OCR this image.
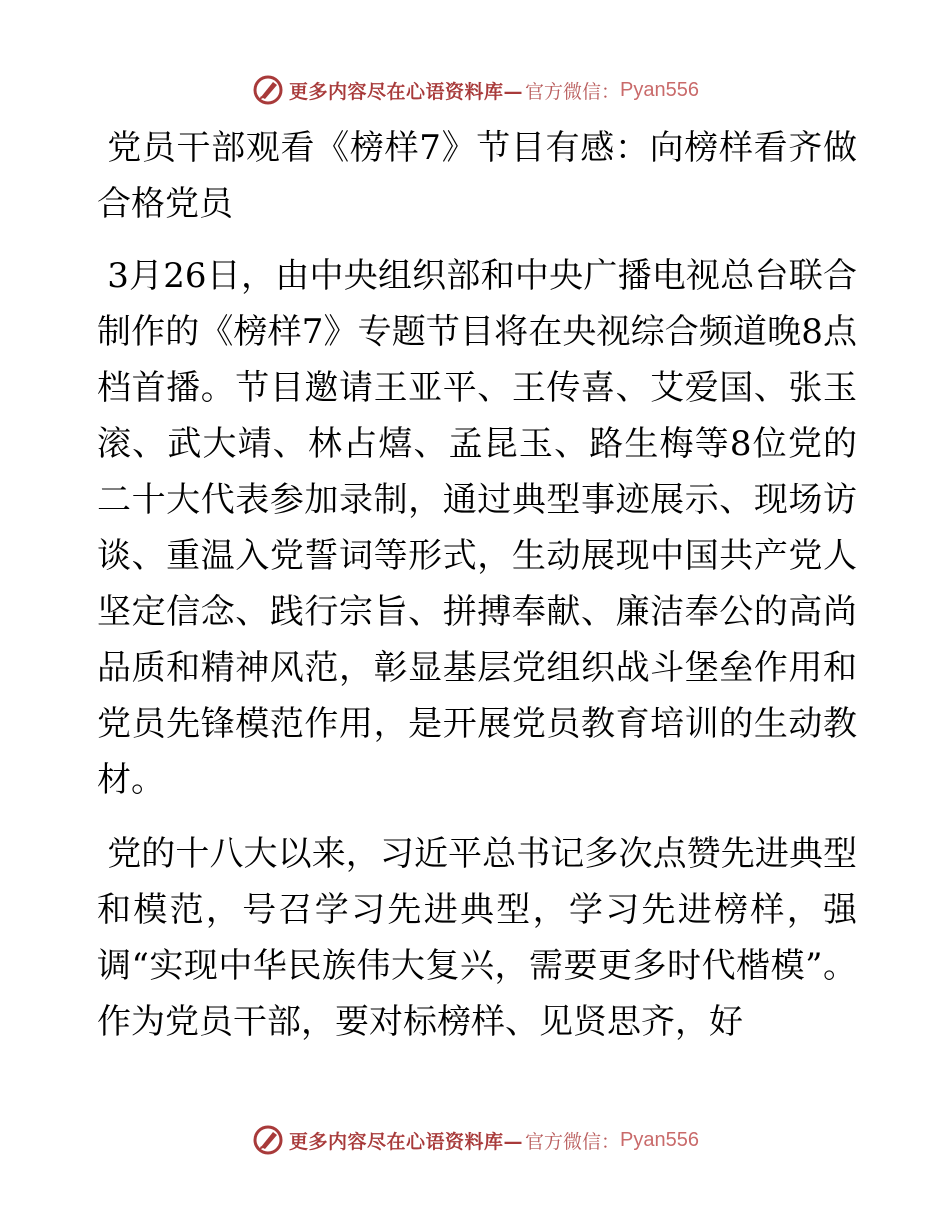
更多内容尽在心语资料库— 官方微信： Pyan556

党员干部观看《榜样7》节目有感：向榜样看齐做合格党员

3月26日，由中央组织部和中央广播电视总台联合制作的《榜样7》专题节目将在央视综合频道晚8点档首播。节目邀请王亚平、王传喜、艾爱国、张玉滚、武大靖、林占熺、孟昆玉、路生梅等8位党的二十大代表参加录制，通过典型事迹展示、现场访谈、重温入党誓词等形式，生动展现中国共产党人坚定信念、践行宗旨、拼搏奉献、廉洁奉公的高尚品质和精神风范，彰显基层党组织战斗堡垒作用和党员先锋模范作用，是开展党员教育培训的生动教材。

党的十八大以来，习近平总书记多次点赞先进典型和模范，号召学习先进典型，学习先进榜样，强调“实现中华民族伟大复兴，需要更多时代楷模”。作为党员干部，要对标榜样、见贤思齐，好

更多内容尽在心语资料库— 官方微信： Pyan556
